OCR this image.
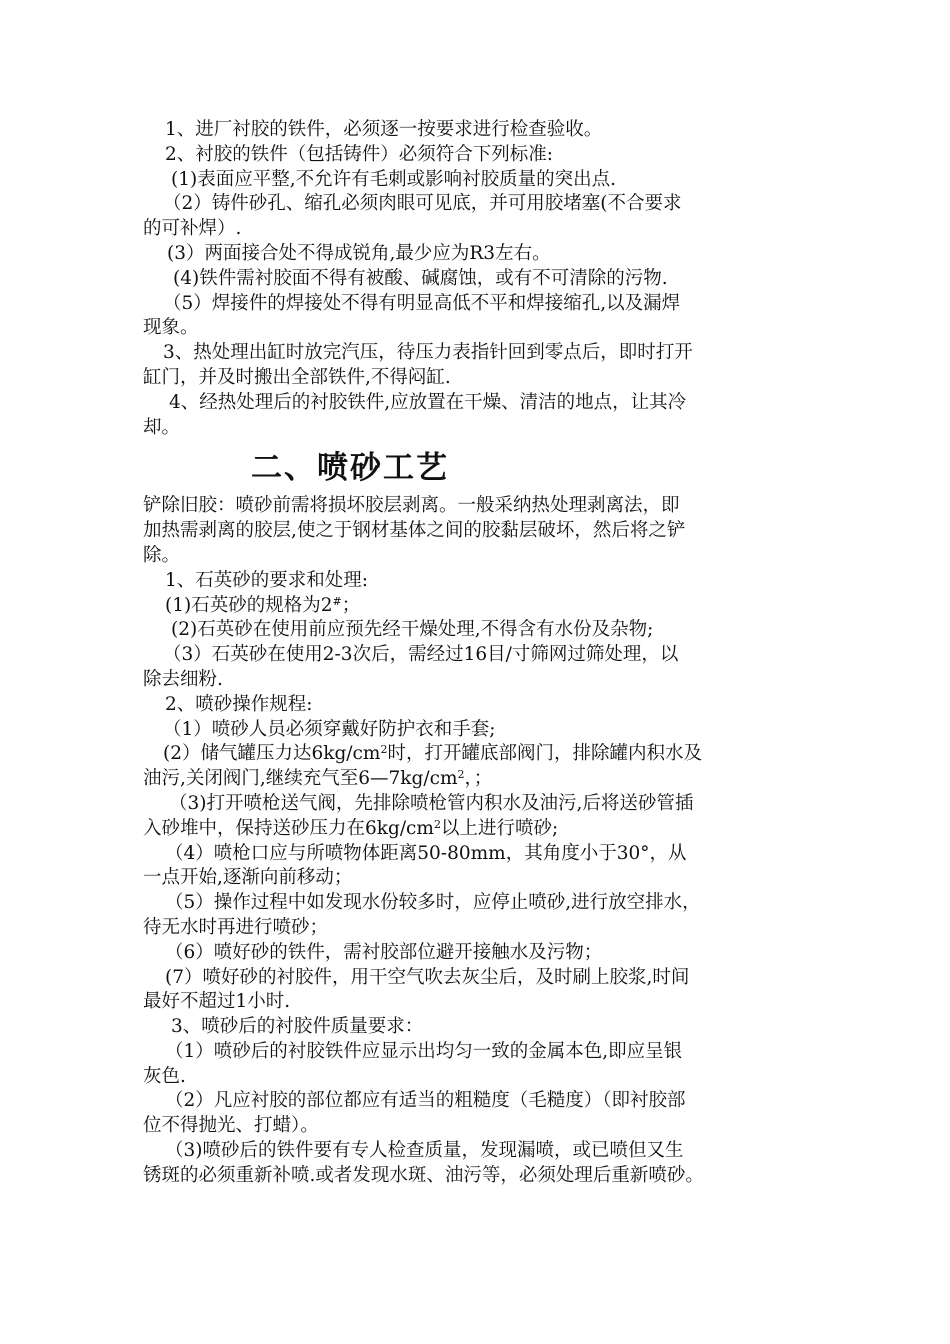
1、进厂衬胶的铁件，必须逐一按要求进行检查验收。

2、衬胶的铁件（包括铸件）必须符合下列标准:

(1)表面应平整,不允许有毛刺或影响衬胶质量的突出点.

（2）铸件砂孔、缩孔必须肉眼可见底，并可用胶堵塞(不合要求

的可补焊）.

(3）两面接合处不得成锐角,最少应为R3左右。

(4)铁件需衬胶面不得有被酸、碱腐蚀，或有不可清除的污物.

（5）焊接件的焊接处不得有明显高低不平和焊接缩孔,以及漏焊

现象。

3、热处理出缸时放完汽压，待压力表指针回到零点后，即时打开

缸门，并及时搬出全部铁件,不得闷缸.

4、经热处理后的衬胶铁件,应放置在干燥、清洁的地点，让其冷

却。

二、喷砂工艺

铲除旧胶：喷砂前需将损坏胶层剥离。一般采纳热处理剥离法，即

加热需剥离的胶层,使之于钢材基体之间的胶黏层破坏，然后将之铲

除。

1、石英砂的要求和处理:

(1)石英砂的规格为2#；

(2)石英砂在使用前应预先经干燥处理,不得含有水份及杂物;

（3）石英砂在使用2-3次后，需经过16目/寸筛网过筛处理，以

除去细粉.

2、喷砂操作规程:

（1）喷砂人员必须穿戴好防护衣和手套;

(2）储气罐压力达$6kg/cm^2$时，打开罐底部阀门，排除罐内积水及

油污,关闭阀门,继续充气至$6—7kg/cm^2$，；

（3)打开喷枪送气阀，先排除喷枪管内积水及油污,后将送砂管插

入砂堆中，保持送砂压力在$6kg/cm^2$以上进行喷砂;

（4）喷枪口应与所喷物体距离50-80mm，其角度小于30°，从

一点开始,逐渐向前移动；

（5）操作过程中如发现水份较多时，应停止喷砂,进行放空排水，

待无水时再进行喷砂；

（6）喷好砂的铁件，需衬胶部位避开接触水及污物；

(7）喷好砂的衬胶件，用干空气吹去灰尘后，及时刷上胶浆,时间

最好不超过1小时.

3、喷砂后的衬胶件质量要求：

（1）喷砂后的衬胶铁件应显示出均匀一致的金属本色,即应呈银

灰色.

（2）凡应衬胶的部位都应有适当的粗糙度（毛糙度）（即衬胶部

位不得抛光、打蜡）。

（3)喷砂后的铁件要有专人检查质量，发现漏喷，或已喷但又生

锈斑的必须重新补喷.或者发现水斑、油污等，必须处理后重新喷砂。
